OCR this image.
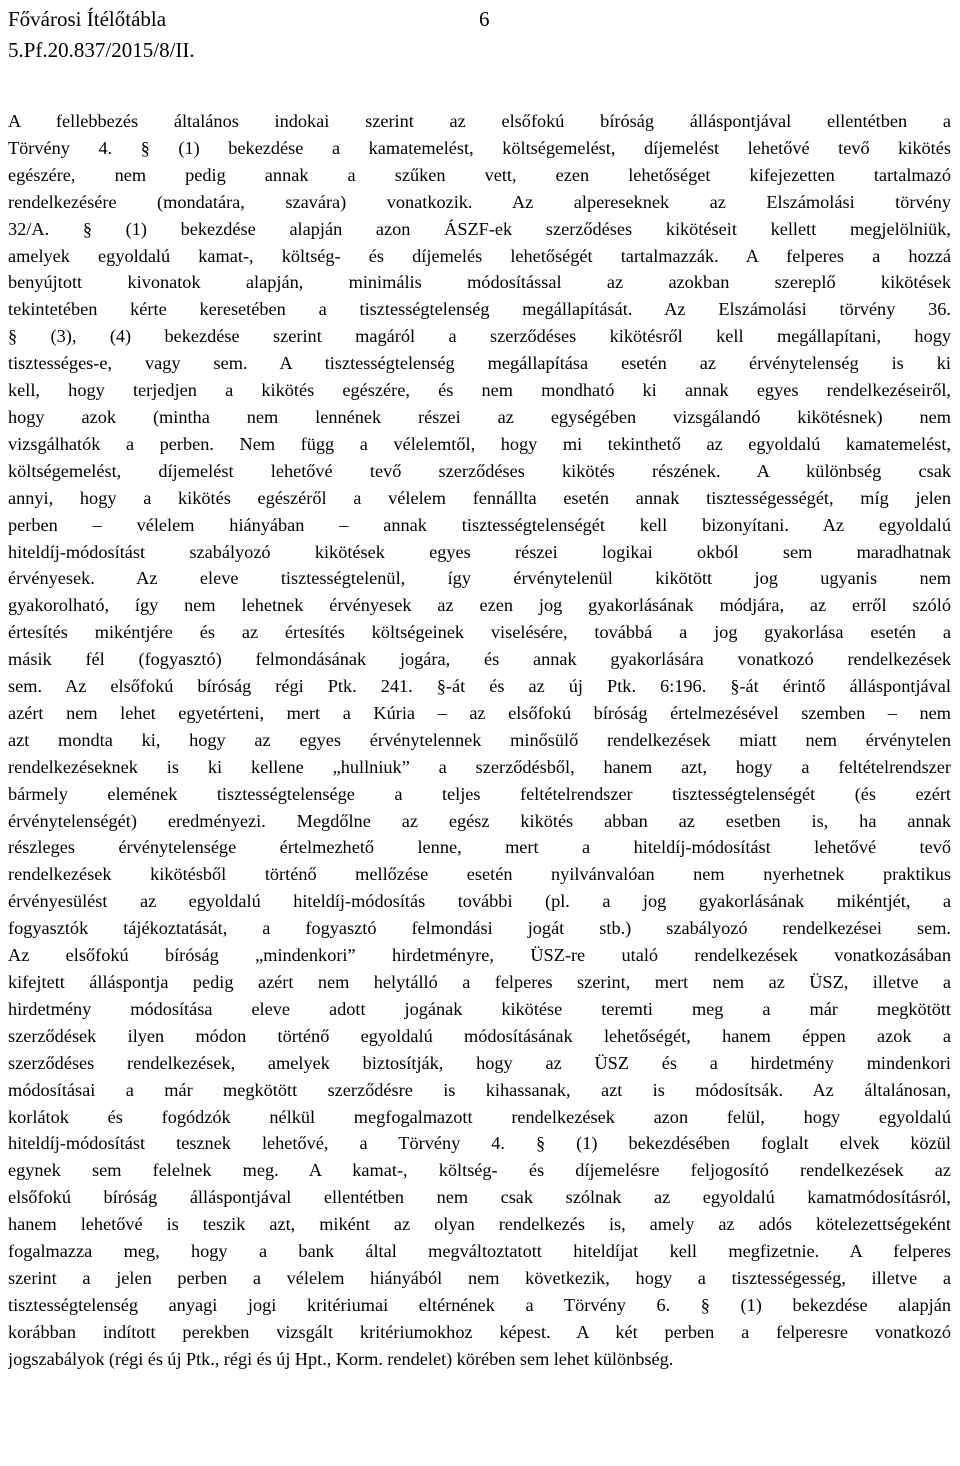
Fővárosi Ítélőtábla	6
5.Pf.20.837/2015/8/II.
A fellebbezés általános indokai szerint az elsőfokú bíróság álláspontjával ellentétben a
Törvény 4. § (1) bekezdése a kamatemelést, költségemelést, díjemelést lehetővé tevő kikötés
egészére, nem pedig annak a szűken vett, ezen lehetőséget kifejezetten tartalmazó
rendelkezésére (mondatára, szavára) vonatkozik. Az alpereseknek az Elszámolási törvény
32/A. § (1) bekezdése alapján azon ÁSZF-ek szerződéses kikötéseit kellett megjelölniük,
amelyek egyoldalú kamat-, költség- és díjemelés lehetőségét tartalmazzák. A felperes a hozzá
benyújtott kivonatok alapján, minimális módosítással az azokban szereplő kikötések
tekintetében kérte keresetében a tisztességtelenség megállapítását. Az Elszámolási törvény 36.
§ (3), (4) bekezdése szerint magáról a szerződéses kikötésről kell megállapítani, hogy
tisztességes-e, vagy sem. A tisztességtelenség megállapítása esetén az érvénytelenség is ki
kell, hogy terjedjen a kikötés egészére, és nem mondható ki annak egyes rendelkezéseiről,
hogy azok (mintha nem lennének részei az egységében vizsgálandó kikötésnek) nem
vizsgálhatók a perben. Nem függ a vélelemtől, hogy mi tekinthető az egyoldalú kamatemelést,
költségemelést, díjemelést lehetővé tevő szerződéses kikötés részének. A különbség csak
annyi, hogy a kikötés egészéről a vélelem fennállta esetén annak tisztességességét, míg jelen
perben – vélelem hiányában – annak tisztességtelenségét kell bizonyítani. Az egyoldalú
hiteldíj-módosítást szabályozó kikötések egyes részei logikai okból sem maradhatnak
érvényesek. Az eleve tisztességtelenül, így érvénytelenül kikötött jog ugyanis nem
gyakorolható, így nem lehetnek érvényesek az ezen jog gyakorlásának módjára, az erről szóló
értesítés mikéntjére és az értesítés költségeinek viselésére, továbbá a jog gyakorlása esetén a
másik fél (fogyasztó) felmondásának jogára, és annak gyakorlására vonatkozó rendelkezések
sem. Az elsőfokú bíróság régi Ptk. 241. §-át és az új Ptk. 6:196. §-át érintő álláspontjával
azért nem lehet egyetérteni, mert a Kúria – az elsőfokú bíróság értelmezésével szemben – nem
azt mondta ki, hogy az egyes érvénytelennek minősülő rendelkezések miatt nem érvénytelen
rendelkezéseknek is ki kellene „hullniuk” a szerződésből, hanem azt, hogy a feltételrendszer
bármely elemének tisztességtelensége a teljes feltételrendszer tisztességtelenségét (és ezért
érvénytelenségét) eredményezi. Megdőlne az egész kikötés abban az esetben is, ha annak
részleges érvénytelensége értelmezhető lenne, mert a hiteldíj-módosítást lehetővé tevő
rendelkezések kikötésből történő mellőzése esetén nyilvánvalóan nem nyerhetnek praktikus
érvényesülést az egyoldalú hiteldíj-módosítás további (pl. a jog gyakorlásának mikéntjét, a
fogyasztók tájékoztatását, a fogyasztó felmondási jogát stb.) szabályozó rendelkezései sem.
Az elsőfokú bíróság „mindenkori” hirdetményre, ÜSZ-re utaló rendelkezések vonatkozásában
kifejtett álláspontja pedig azért nem helytálló a felperes szerint, mert nem az ÜSZ, illetve a
hirdetmény módosítása eleve adott jogának kikötése teremti meg a már megkötött
szerződések ilyen módon történő egyoldalú módosításának lehetőségét, hanem éppen azok a
szerződéses rendelkezések, amelyek biztosítják, hogy az ÜSZ és a hirdetmény mindenkori
módosításai a már megkötött szerződésre is kihassanak, azt is módosítsák. Az általánosan,
korlátok és fogódzók nélkül megfogalmazott rendelkezések azon felül, hogy egyoldalú
hiteldíj-módosítást tesznek lehetővé, a Törvény 4. § (1) bekezdésében foglalt elvek közül
egynek sem felelnek meg. A kamat-, költség- és díjemelésre feljogosító rendelkezések az
elsőfokú bíróság álláspontjával ellentétben nem csak szólnak az egyoldalú kamatmódosításról,
hanem lehetővé is teszik azt, miként az olyan rendelkezés is, amely az adós kötelezettségeként
fogalmazza meg, hogy a bank által megváltoztatott hiteldíjat kell megfizetnie. A felperes
szerint a jelen perben a vélelem hiányából nem következik, hogy a tisztességesség, illetve a
tisztességtelenség anyagi jogi kritériumai eltérnének a Törvény 6. § (1) bekezdése alapján
korábban indított perekben vizsgált kritériumokhoz képest. A két perben a felperesre vonatkozó
jogszabályok (régi és új Ptk., régi és új Hpt., Korm. rendelet) körében sem lehet különbség.
